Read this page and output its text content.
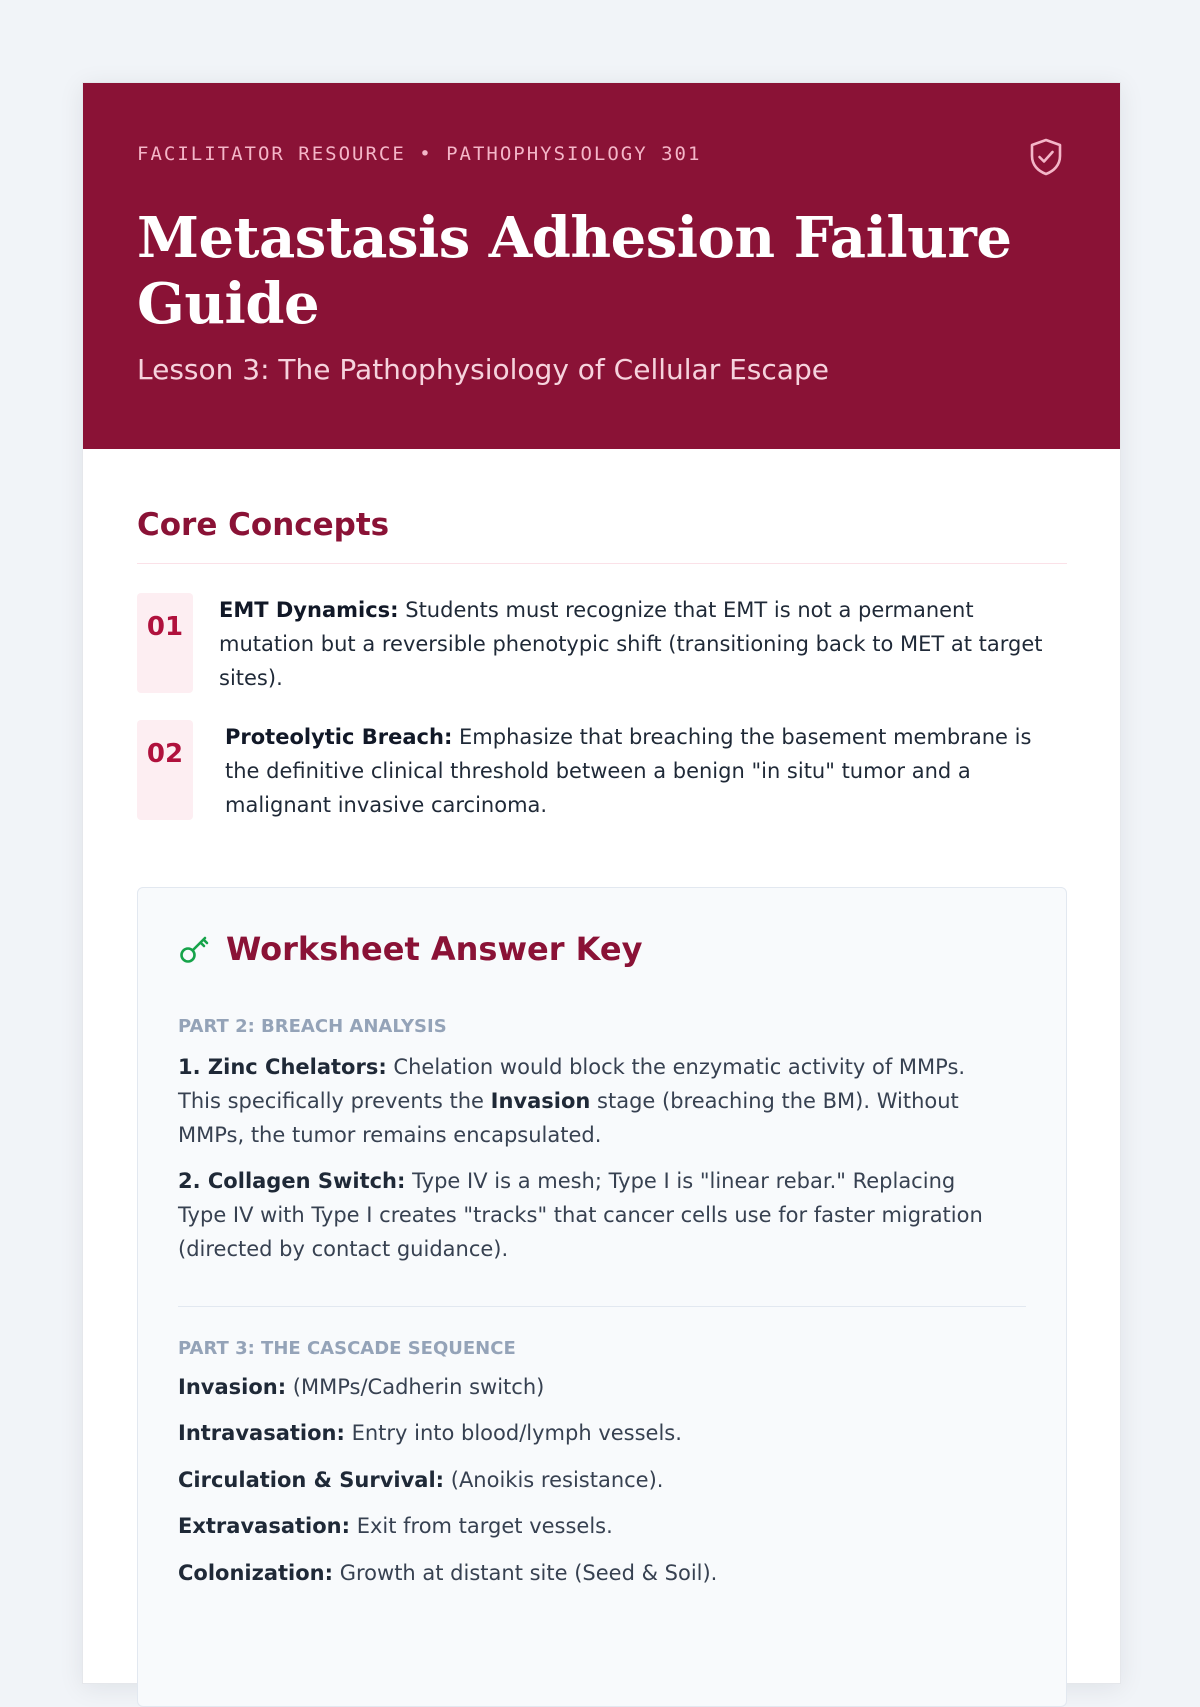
FACILITATOR RESOURCE • PATHOPHYSIOLOGY 301
Metastasis Adhesion Failure Guide
Lesson 3: The Pathophysiology of Cellular Escape
Core Concepts
01
EMT Dynamics: Students must recognize that EMT is not a permanent mutation but a reversible phenotypic shift (transitioning back to MET at target sites).
02
Proteolytic Breach: Emphasize that breaching the basement membrane is the definitive clinical threshold between a benign "in situ" tumor and a malignant invasive carcinoma.
Worksheet Answer Key
PART 2: BREACH ANALYSIS
1. Zinc Chelators: Chelation would block the enzymatic activity of MMPs. This specifically prevents the Invasion stage (breaching the BM). Without MMPs, the tumor remains encapsulated.
2. Collagen Switch: Type IV is a mesh; Type I is "linear rebar." Replacing Type IV with Type I creates "tracks" that cancer cells use for faster migration (directed by contact guidance).
PART 3: THE CASCADE SEQUENCE
Invasion: (MMPs/Cadherin switch)
Intravasation: Entry into blood/lymph vessels.
Circulation & Survival: (Anoikis resistance).
Extravasation: Exit from target vessels.
Colonization: Growth at distant site (Seed & Soil).
